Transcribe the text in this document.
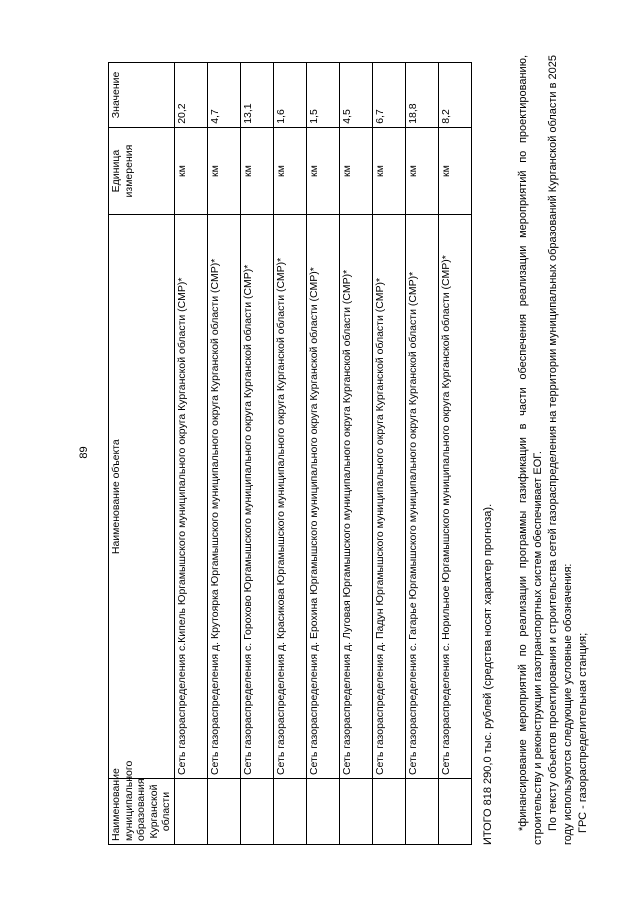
89
Наименование муниципального образования Курганской области	Наименование объекта	Единица измерения	Значение
	Сеть газораспределения с.Кипель Юргамышского муниципального округа Курганской области (СМР)*	км	20,2
	Сеть газораспределения д. Крутоярка Юргамышского муниципального округа Курганской области (СМР)*	км	4,7
	Сеть газораспределения с. Горохово Юргамышского муниципального округа Курганской области (СМР)*	км	13,1
	Сеть газораспределения д. Красикова Юргамышского муниципального округа Курганской области (СМР)*	км	1,6
	Сеть газораспределения д. Ерохина Юргамышского муниципального округа Курганской области (СМР)*	км	1,5
	Сеть газораспределения д. Луговая Юргамышского муниципального округа Курганской области (СМР)*	км	4,5
	Сеть газораспределения д. Падун Юргамышского муниципального округа Курганской области (СМР)*	км	6,7
	Сеть газораспределения с. Гагарье Юргамышского муниципального округа Курганской области (СМР)*	км	18,8
	Сеть газораспределения с. Норильное Юргамышского муниципального округа Курганской области (СМР)*	км	8,2
ИТОГО 818 290,0 тыс. рублей (средства носят характер прогноза). *финансирование мероприятий по реализации программы газификации в части обеспечения реализации мероприятий по проектированию, строительству и реконструкции газотранспортных систем обеспечивает ЕОГ. По тексту объектов проектирования и строительства сетей газораспределения на территории муниципальных образований Курганской области в 2025 году используются следующие условные обозначения: ГРС - газораспределительная станция;
